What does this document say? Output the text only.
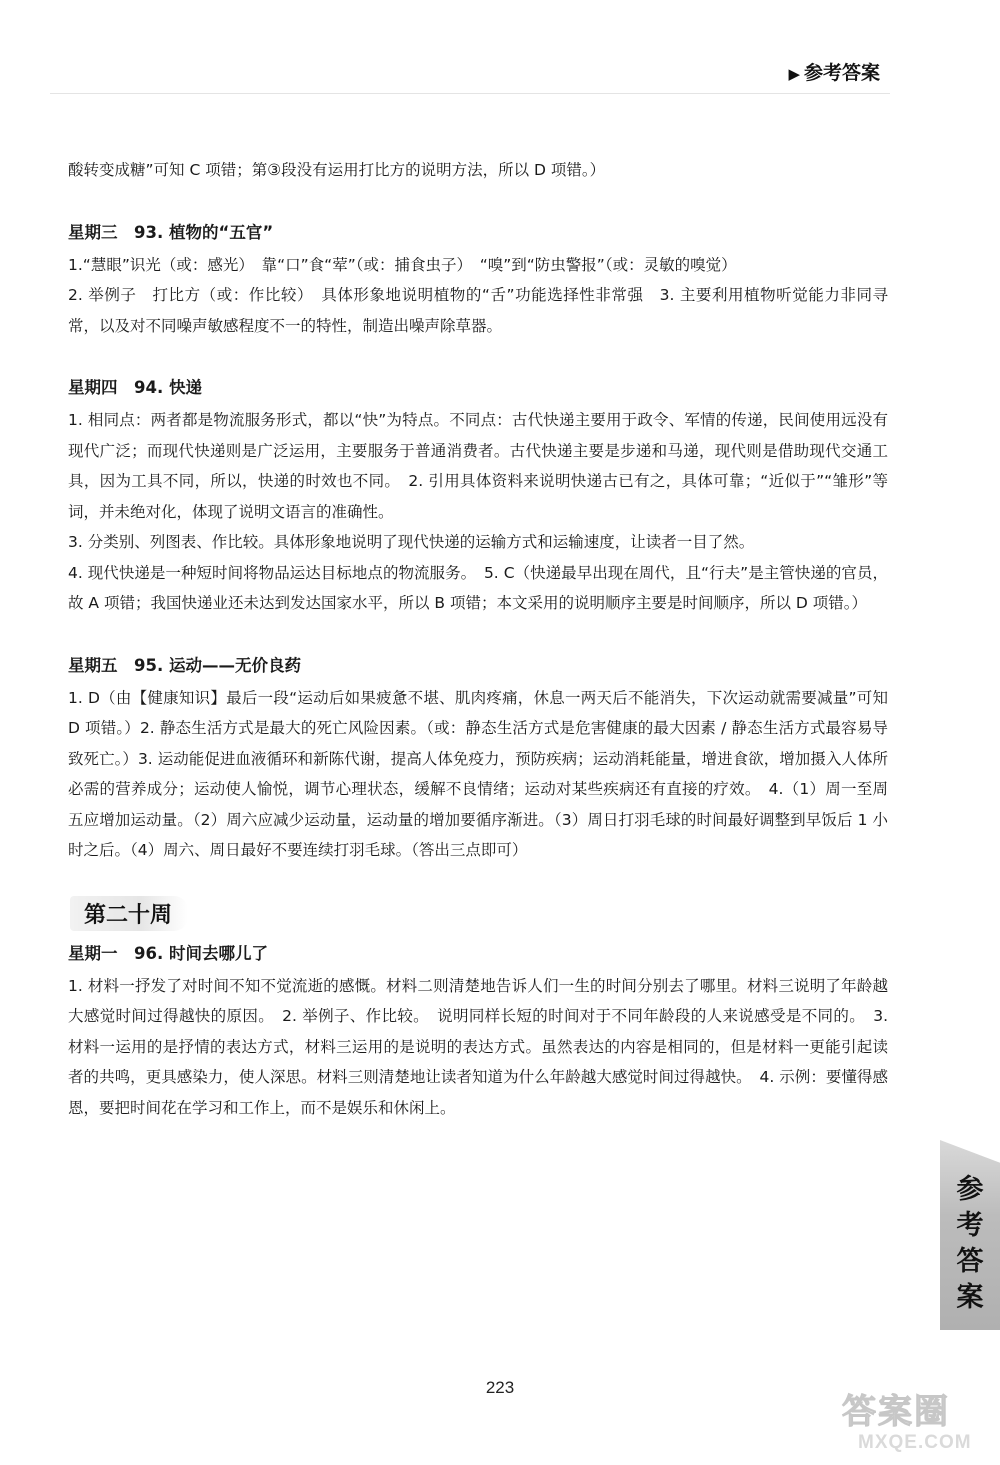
▶ 参考答案

酸转变成糖”可知 C 项错；第③段没有运用打比方的说明方法，所以 D 项错。）

星期三　93. 植物的“五官”

1.“慧眼”识光（或：感光）　靠“口”食“荤”（或：捕食虫子）　“嗅”到“防虫警报”（或：灵敏的嗅觉）

2. 举例子　打比方（或：作比较）　具体形象地说明植物的“舌”功能选择性非常强　3. 主要利用植物听觉能力非同寻常，以及对不同噪声敏感程度不一的特性，制造出噪声除草器。

星期四　94. 快递

1. 相同点：两者都是物流服务形式，都以“快”为特点。不同点：古代快递主要用于政令、军情的传递，民间使用远没有现代广泛；而现代快递则是广泛运用，主要服务于普通消费者。古代快递主要是步递和马递，现代则是借助现代交通工具，因为工具不同，所以，快递的时效也不同。　2. 引用具体资料来说明快递古已有之，具体可靠；“近似于”“雏形”等词，并未绝对化，体现了说明文语言的准确性。

3. 分类别、列图表、作比较。具体形象地说明了现代快递的运输方式和运输速度，让读者一目了然。

4. 现代快递是一种短时间将物品运达目标地点的物流服务。　5. C（快递最早出现在周代，且“行夫”是主管快递的官员，故 A 项错；我国快递业还未达到发达国家水平，所以 B 项错；本文采用的说明顺序主要是时间顺序，所以 D 项错。）

星期五　95. 运动——无价良药

1. D（由【健康知识】最后一段“运动后如果疲惫不堪、肌肉疼痛，休息一两天后不能消失，下次运动就需要减量”可知 D 项错。）2. 静态生活方式是最大的死亡风险因素。（或：静态生活方式是危害健康的最大因素 / 静态生活方式最容易导致死亡。）3. 运动能促进血液循环和新陈代谢，提高人体免疫力，预防疾病；运动消耗能量，增进食欲，增加摄入人体所必需的营养成分；运动使人愉悦，调节心理状态，缓解不良情绪；运动对某些疾病还有直接的疗效。　4.（1）周一至周五应增加运动量。（2）周六应减少运动量，运动量的增加要循序渐进。（3）周日打羽毛球的时间最好调整到早饭后 1 小时之后。（4）周六、周日最好不要连续打羽毛球。（答出三点即可）

第二十周

星期一　96. 时间去哪儿了

1. 材料一抒发了对时间不知不觉流逝的感慨。材料二则清楚地告诉人们一生的时间分别去了哪里。材料三说明了年龄越大感觉时间过得越快的原因。　2. 举例子、作比较。　说明同样长短的时间对于不同年龄段的人来说感受是不同的。　3. 材料一运用的是抒情的表达方式，材料三运用的是说明的表达方式。虽然表达的内容是相同的，但是材料一更能引起读者的共鸣，更具感染力，使人深思。材料三则清楚地让读者知道为什么年龄越大感觉时间过得越快。　4. 示例：要懂得感恩，要把时间花在学习和工作上，而不是娱乐和休闲上。

参考
答案
223
答案圈
MXQE.COM
